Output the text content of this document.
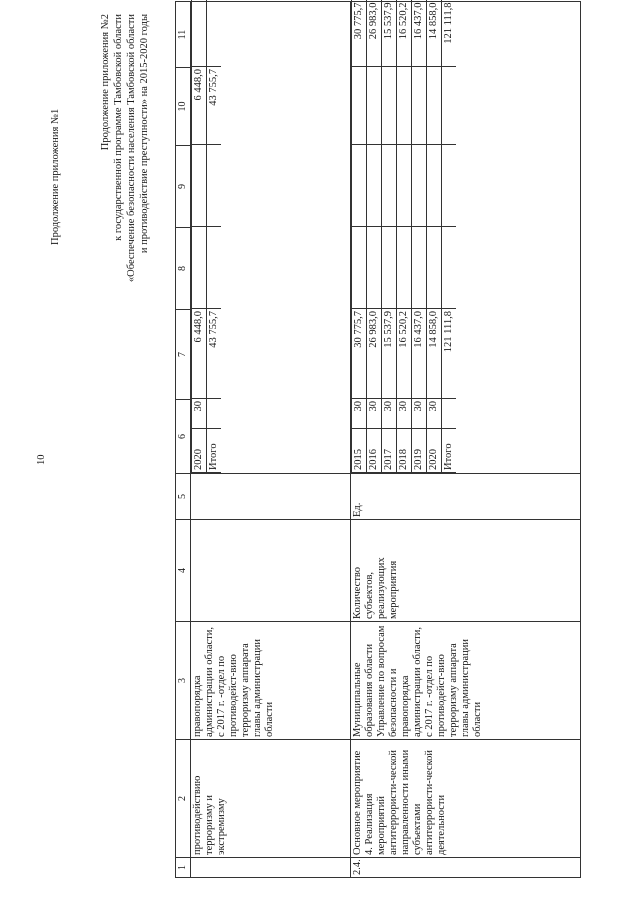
10
Продолжение приложения №1
Продолжение приложения №2 к государственной программе Тамбовской области «Обеспечение безопасности населения Тамбовской области и противодействие преступности» на 2015-2020 годы
1	2	3	4	5	6	7	8	9	10	11
	противодействию терроризму и экстремизму	правопорядка администрации области, с 2017 г. -отдел по противодейст-вию терроризму аппарата главы администрации области			
2020	30	6 448,0			6 448,0	
Итого		43 755,7			43 755,7	

2.4.	Основное мероприятие 4. Реализация мероприятий антитеррористи-ческой направленности иными субъектами антитеррористи-ческой деятельности	Муниципальные образования области Управление по вопросам безопасности и правопорядка администрации области, с 2017 г. -отдел по противодейст-вию терроризму аппарата главы администрации области	Количество субъектов, реализующих мероприятия	Ед.	
2015	30	30 775,7				30 775,7
2016	30	26 983,0				26 983,0
2017	30	15 537,9				15 537,9
2018	30	16 520,2				16 520,2
2019	30	16 437,0				16 437,0
2020	30	14 858,0				14 858,0
Итого		121 111,8				121 111,8
